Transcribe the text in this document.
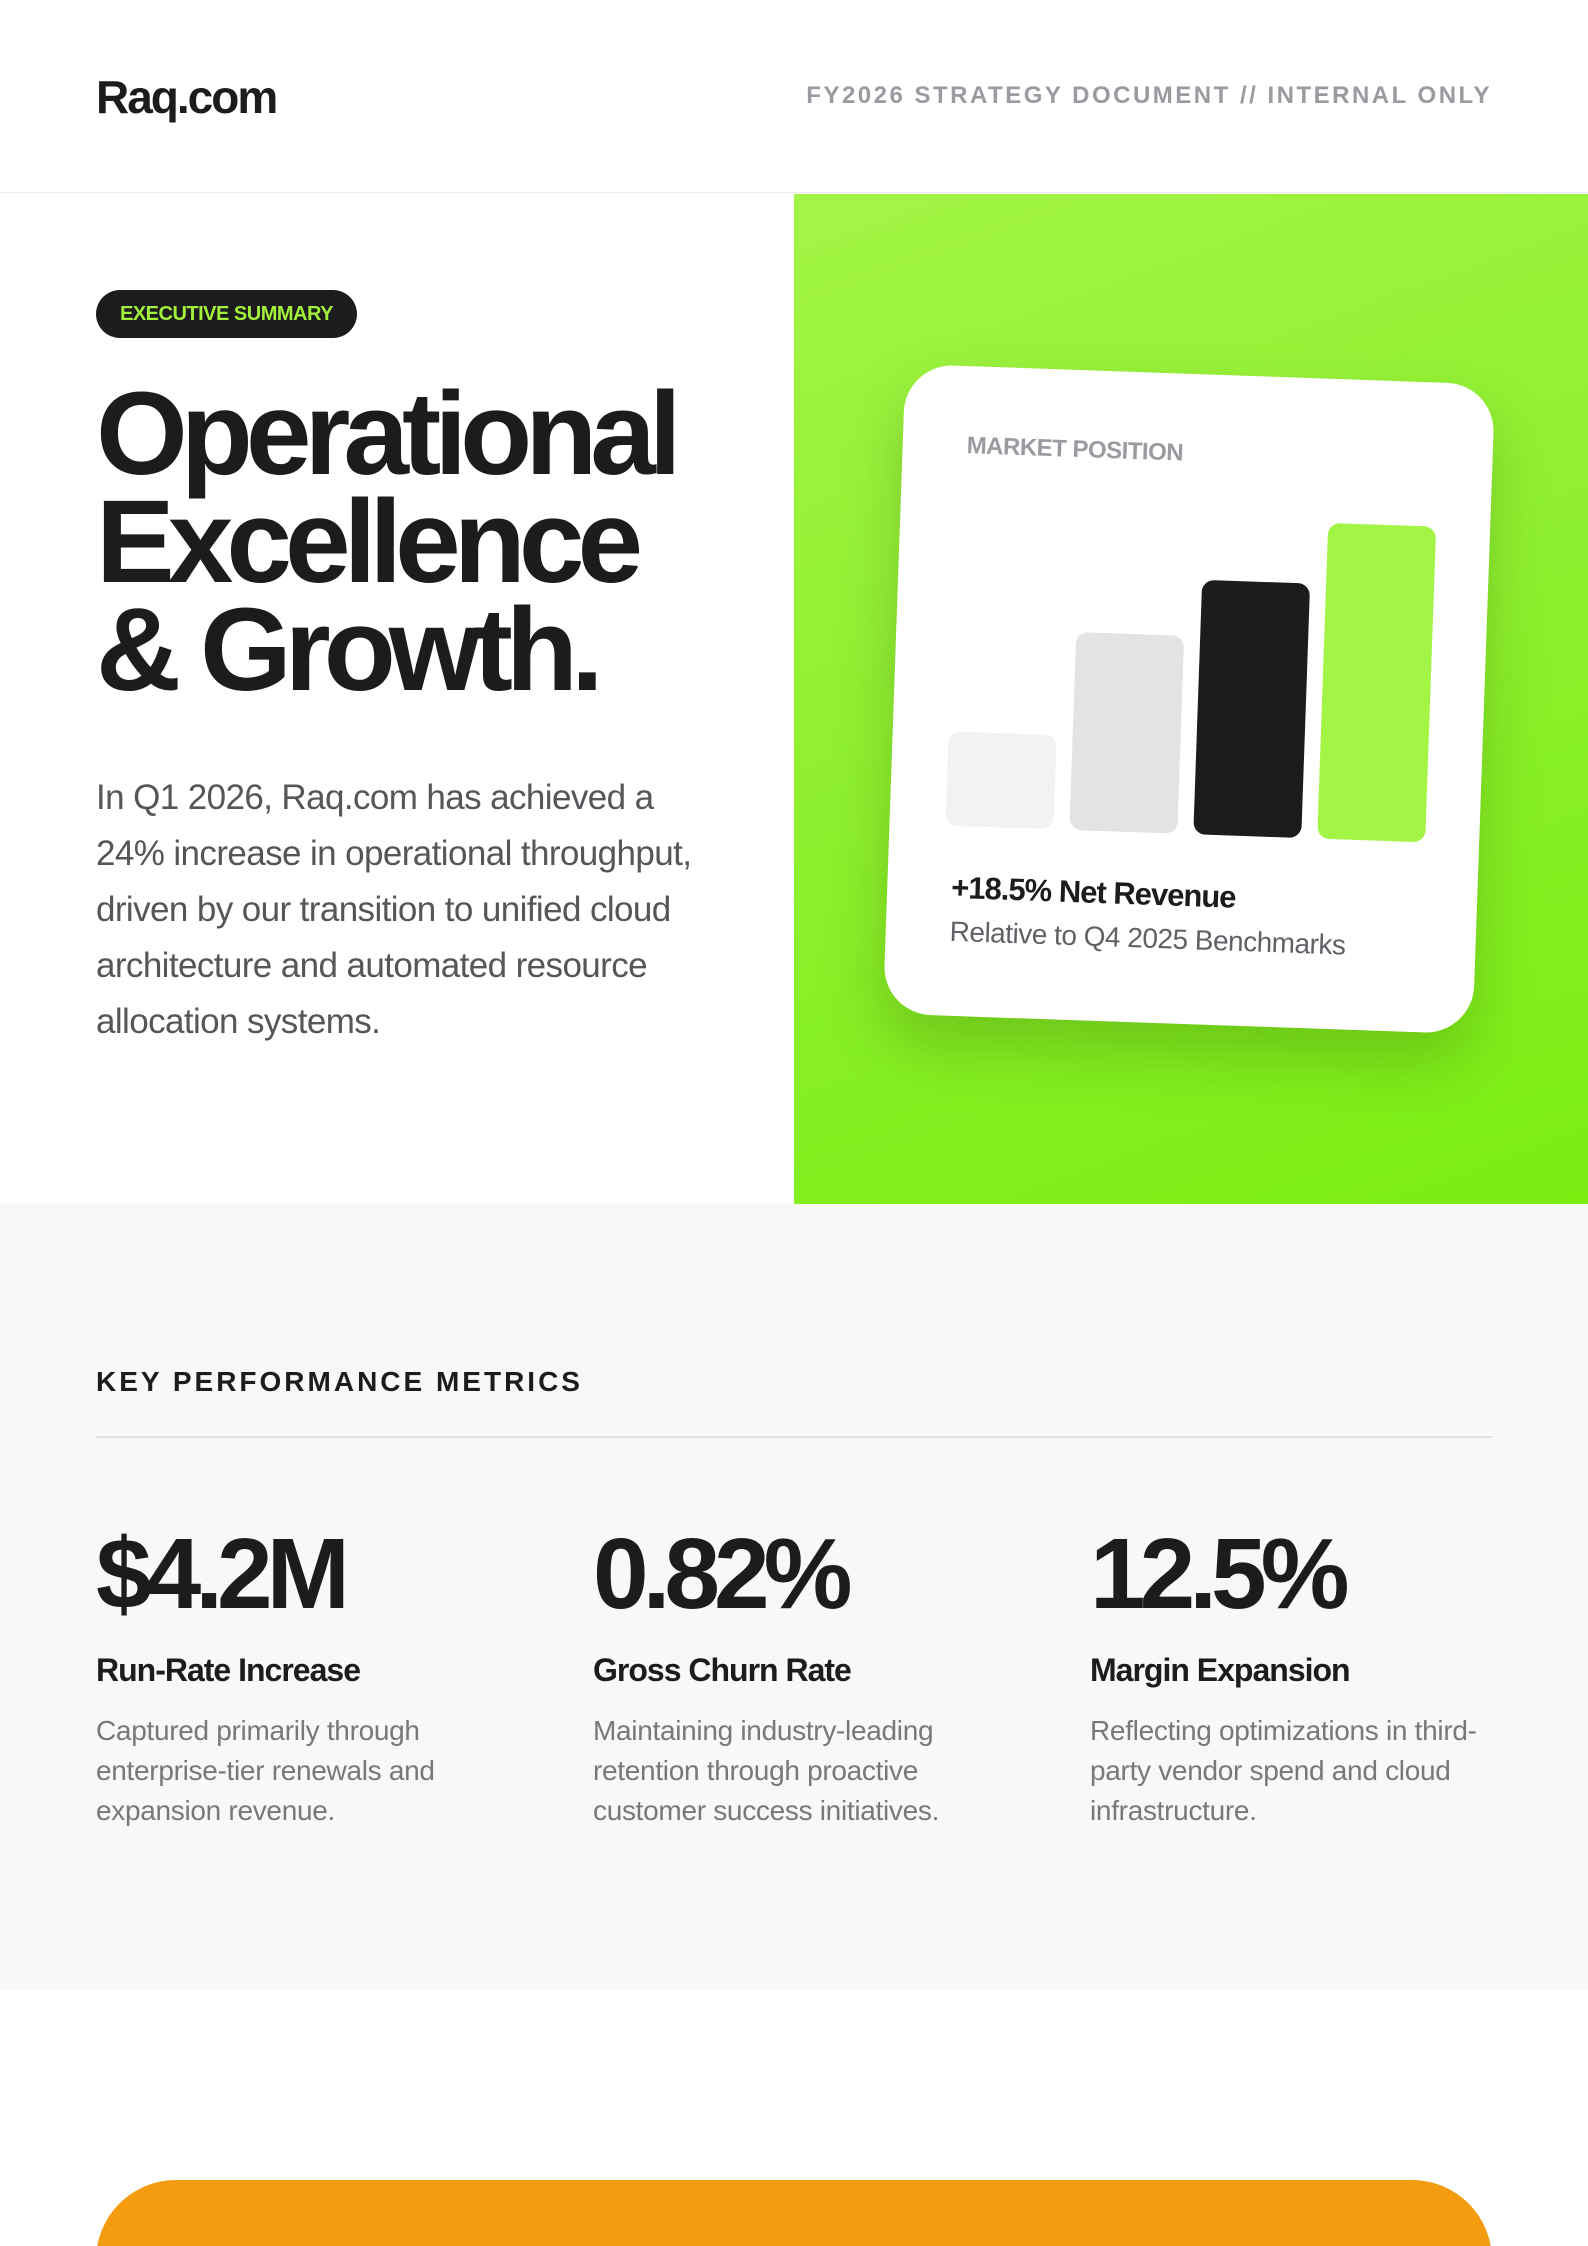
Raq.com	FY2026 STRATEGY DOCUMENT // INTERNAL ONLY
EXECUTIVE SUMMARY
Operational
Excellence
& Growth.

In Q1 2026, Raq.com has achieved a 24% increase in operational throughput, driven by our transition to unified cloud architecture and automated resource allocation systems.

MARKET POSITION
+18.5% Net Revenue
Relative to Q4 2025 Benchmarks
KEY PERFORMANCE METRICS
$4.2M
Run-Rate Increase
Captured primarily through enterprise-tier renewals and expansion revenue.
0.82%
Gross Churn Rate
Maintaining industry-leading retention through proactive customer success initiatives.
12.5%
Margin Expansion
Reflecting optimizations in third-party vendor spend and cloud infrastructure.
